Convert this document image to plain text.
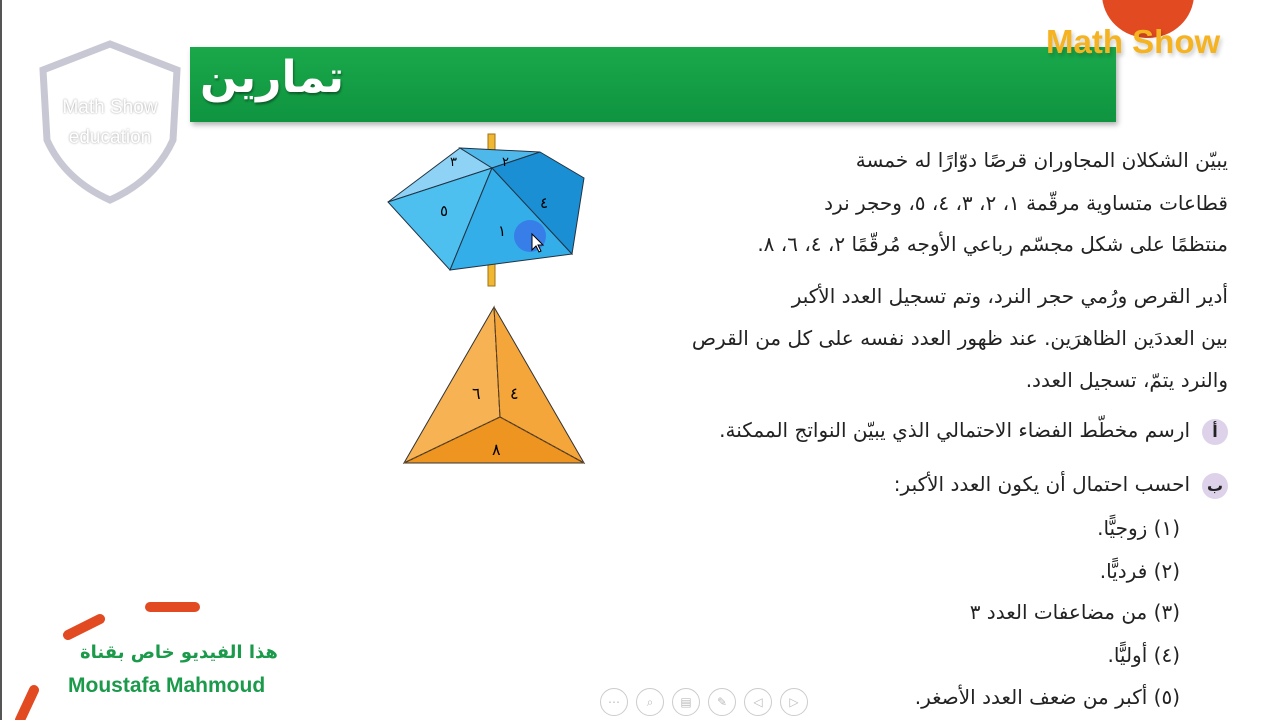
Math Show
Math Show
education
تمارين
٣	٢
٥	٤
١
٦ ٤
٨
يبيّن الشكلان المجاوران قرصًا دوّارًا له خمسة
قطاعات متساوية مرقّمة ١، ٢، ٣، ٤، ٥، وحجر نرد
منتظمًا على شكل مجسّم رباعي الأوجه مُرقّمًا ٢، ٤، ٦، ٨.
أدير القرص ورُمي حجر النرد، وتم تسجيل العدد الأكبر
بين العددَين الظاهرَين. عند ظهور العدد نفسه على كل من القرص
والنرد يتمّ، تسجيل العدد.
أارسم مخطّط الفضاء الاحتمالي الذي يبيّن النواتج الممكنة.
باحسب احتمال أن يكون العدد الأكبر:
(١) زوجيًّا.
(٢) فرديًّا.
(٣) من مضاعفات العدد ٣
(٤) أوليًّا.
(٥) أكبر من ضعف العدد الأصغر.
هذا الفيديو خاص بقناة
Moustafa Mahmoud
⋯	⌕	▤	✎	◁	▷
